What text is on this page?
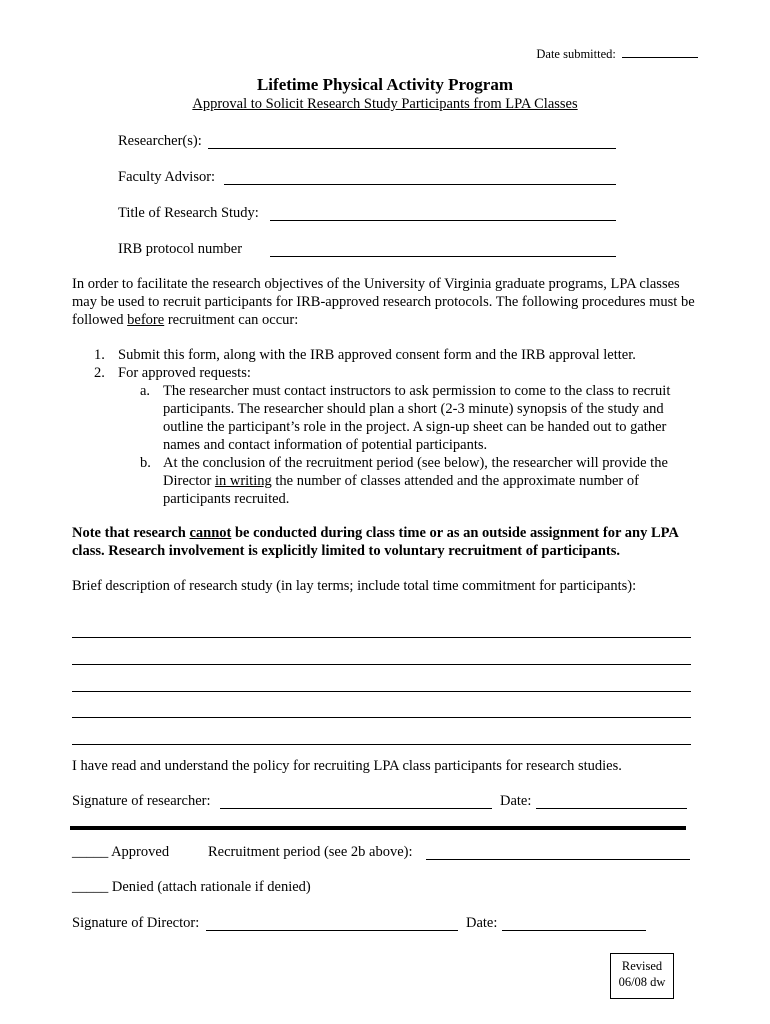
Date submitted:
Lifetime Physical Activity Program
Approval to Solicit Research Study Participants from LPA Classes
Researcher(s):
Faculty Advisor:
Title of Research Study:
IRB protocol number
In order to facilitate the research objectives of the University of Virginia graduate programs, LPA classes may be used to recruit participants for IRB-approved research protocols. The following procedures must be followed before recruitment can occur:
1. Submit this form, along with the IRB approved consent form and the IRB approval letter.
2. For approved requests:
a. The researcher must contact instructors to ask permission to come to the class to recruit participants. The researcher should plan a short (2-3 minute) synopsis of the study and outline the participant’s role in the project. A sign-up sheet can be handed out to gather names and contact information of potential participants.
b. At the conclusion of the recruitment period (see below), the researcher will provide the Director in writing the number of classes attended and the approximate number of participants recruited.
Note that research cannot be conducted during class time or as an outside assignment for any LPA class. Research involvement is explicitly limited to voluntary recruitment of participants.
Brief description of research study (in lay terms; include total time commitment for participants):
I have read and understand the policy for recruiting LPA class participants for research studies.
Signature of researcher:	Date:
_____ Approved	Recruitment period (see 2b above):
_____ Denied (attach rationale if denied)
Signature of Director:	Date:
Revised
06/08 dw
